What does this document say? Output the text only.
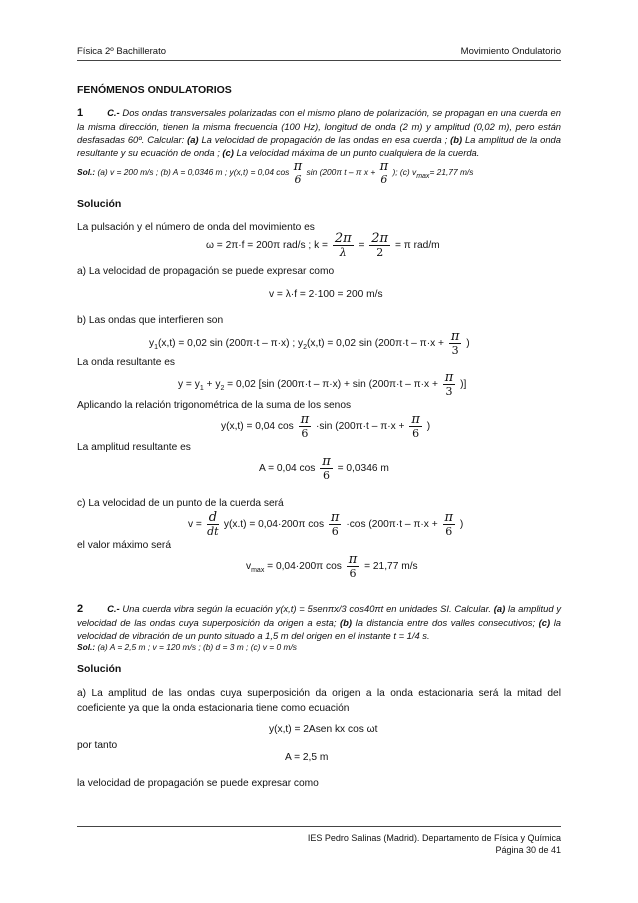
Física 2º Bachillerato	Movimiento Ondulatorio
FENÓMENOS ONDULATORIOS
1	C.- Dos ondas transversales polarizadas con el mismo plano de polarización, se propagan en una cuerda en la misma dirección, tienen la misma frecuencia (100 Hz), longitud de onda (2 m) y amplitud (0,02 m), pero están desfasadas 60º. Calcular: (a) La velocidad de propagación de las ondas en esa cuerda ; (b) La amplitud de la onda resultante y su ecuación de onda ; (c) La velocidad máxima de un punto cualquiera de la cuerda.
Sol.: (a) v = 200 m/s ; (b) A = 0,0346 m ; y(x,t) = 0,04 cos π
6
sin (200π t – π x + π
6
); (c) $v_{max}= 21,77$ m/s
Solución
La pulsación y el número de onda del movimiento es
ω = 2π·f = 200π rad/s ; $k = \frac{2\pi}{\lambda} = \frac{2\pi}{2} = \pi$ rad/m
a) La velocidad de propagación se puede expresar como
v = λ·f = 2·100 = 200 m/s
b) Las ondas que interfieren son
$y_1(x,t) = 0,02$ sin (200π·t – π·x) ; $y_2(x,t) = 0,02$ $\sin (200\pi\cdot t - \pi\cdot x + \frac{\pi}{3}$ )
La onda resultante es
$y = y_1 + y_2 = 0,02$ [sin $(200\pi\cdot t - \pi\cdot x) + \sin (200\pi\cdot t - \pi\cdot x + \frac{\pi}{3}$ )]
Aplicando la relación trigonométrica de la suma de los senos
y(x,t) = 0,04 $\cos \frac{\pi}{6} \cdot\sin$ ($200\pi\cdot t - \pi\cdot x + \frac{\pi}{6}$ )
La amplitud resultante es
A = 0,04 $\cos \frac{\pi}{6} = 0,0346$ m
c) La velocidad de un punto de la cuerda será
$v = \frac{d}{dt} y(x.t) = 0,04\cdot 200\pi$ $\cos \frac{\pi}{6} \cdot\cos$ ($200\pi\cdot t - \pi\cdot x + \frac{\pi}{6}$ )
el valor máximo será
$v_{max} = 0,04\cdot 200\pi$ $\cos \frac{\pi}{6} = 21,77$ m/s
2	C.- Una cuerda vibra según la ecuación y(x,t) = 5senπx/3 cos40πt en unidades SI. Calcular. (a) la amplitud y velocidad de las ondas cuya superposición da origen a esta; (b) la distancia entre dos valles consecutivos; (c) la velocidad de vibración de un punto situado a 1,5 m del origen en el instante t = 1/4 s.
Sol.: (a) A = 2,5 m ; v = 120 m/s ; (b) d = 3 m ; (c) v = 0 m/s
Solución
a) La amplitud de las ondas cuya superposición da origen a la onda estacionaria será la mitad del coeficiente ya que la onda estacionaria tiene como ecuación
y(x,t) = 2Asen kx cos ωt
por tanto
A = 2,5 m
la velocidad de propagación se puede expresar como
IES Pedro Salinas (Madrid). Departamento de Física y Química
Página 30 de 41
